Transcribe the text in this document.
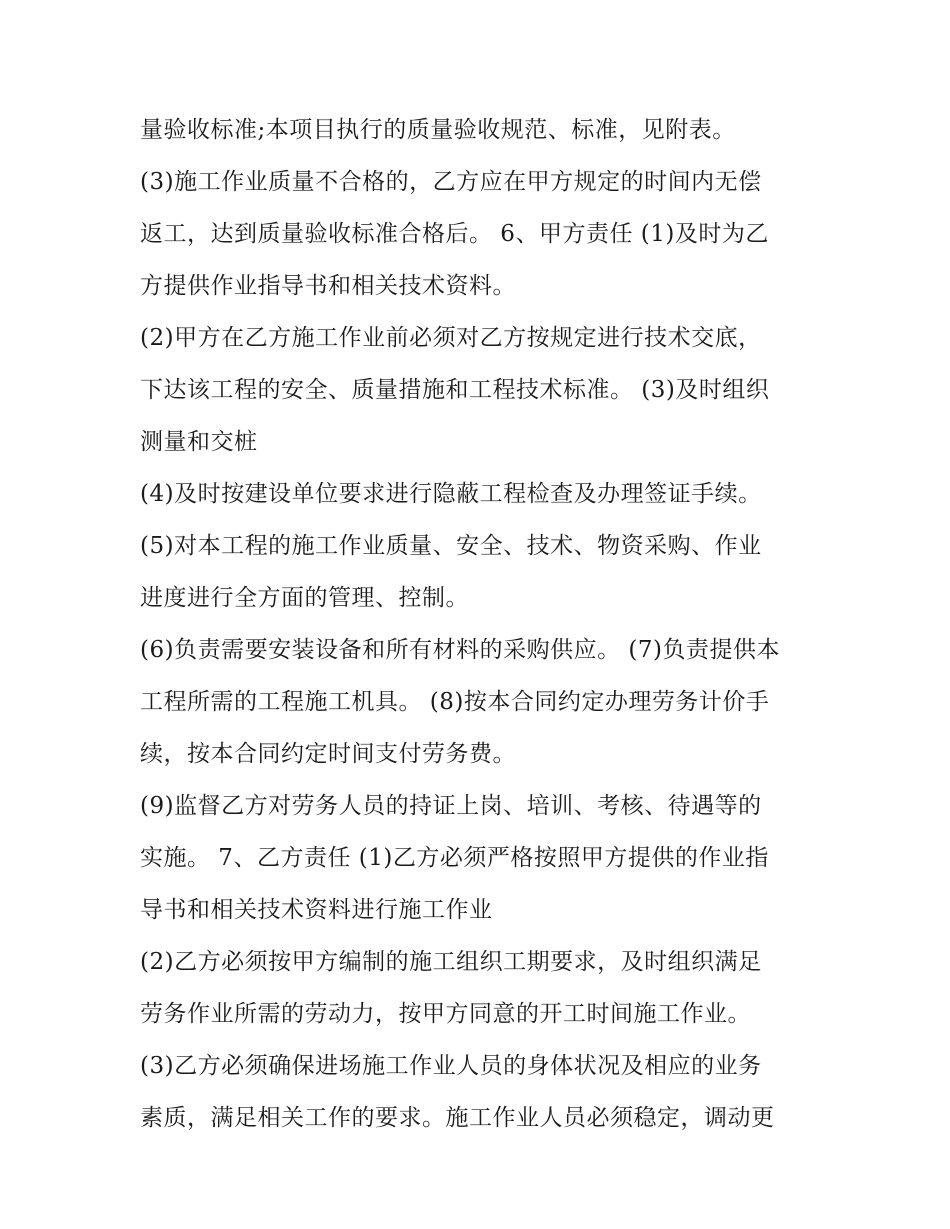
量验收标准;本项目执行的质量验收规范、标准，见附表。
(3)施工作业质量不合格的，乙方应在甲方规定的时间内无偿
返工，达到质量验收标准合格后。 6、甲方责任 (1)及时为乙
方提供作业指导书和相关技术资料。
(2)甲方在乙方施工作业前必须对乙方按规定进行技术交底，
下达该工程的安全、质量措施和工程技术标准。 (3)及时组织
测量和交桩
(4)及时按建设单位要求进行隐蔽工程检查及办理签证手续。
(5)对本工程的施工作业质量、安全、技术、物资采购、作业
进度进行全方面的管理、控制。
(6)负责需要安装设备和所有材料的采购供应。 (7)负责提供本
工程所需的工程施工机具。 (8)按本合同约定办理劳务计价手
续，按本合同约定时间支付劳务费。
(9)监督乙方对劳务人员的持证上岗、培训、考核、待遇等的
实施。 7、乙方责任 (1)乙方必须严格按照甲方提供的作业指
导书和相关技术资料进行施工作业
(2)乙方必须按甲方编制的施工组织工期要求，及时组织满足
劳务作业所需的劳动力，按甲方同意的开工时间施工作业。
(3)乙方必须确保进场施工作业人员的身体状况及相应的业务
素质，满足相关工作的要求。施工作业人员必须稳定，调动更
